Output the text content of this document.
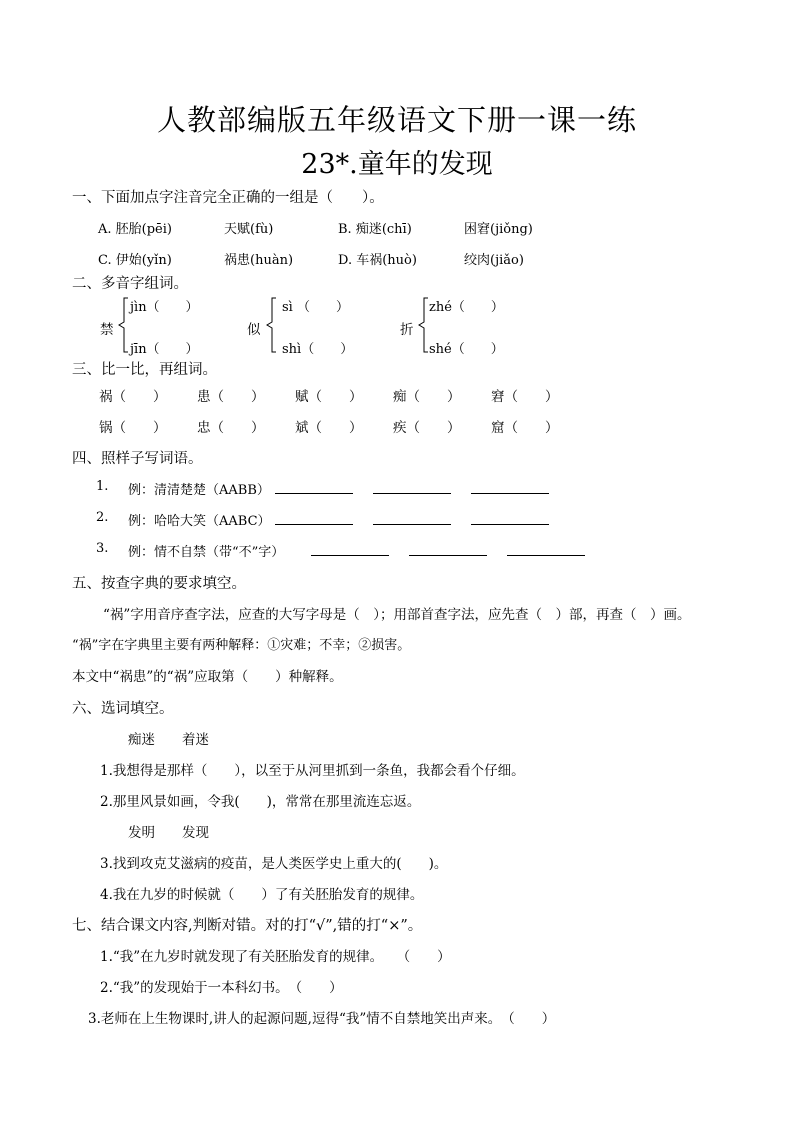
人教部编版五年级语文下册一课一练
23*.童年的发现
一、下面加点字注音完全正确的一组是（　　）。
A. 胚胎(pēi)	天赋(fù)	B. 痴迷(chī)	困窘(jiǒng)
C. 伊始(yǐn)	祸患(huàn)	D. 车祸(huò)	绞肉(jiǎo)
二、多音字组词。
禁
jìn（　　）
jīn（　　）
似
sì （　　）
shì（　　）
折
zhé（　　）
shé（　　）
三、比一比，再组词。
祸（　　） 患（　　） 赋（　　） 痴（　　） 窘（　　）
锅（　　） 忠（　　） 斌（　　） 疾（　　） 窟（　　）
四、照样子写词语。
1. 例：清清楚楚（AABB）
2. 例：哈哈大笑（AABC）
3. 例：情不自禁（带“不”字）
五、按查字典的要求填空。
“祸”字用音序查字法，应查的大写字母是（　）；用部首查字法，应先查（　）部，再查（　）画。
“祸”字在字典里主要有两种解释：①灾难；不幸；②损害。
本文中“祸患”的“祸”应取第（　　）种解释。
六、选词填空。
痴迷　　着迷
1.我想得是那样（　　），以至于从河里抓到一条鱼，我都会看个仔细。
2.那里风景如画，令我(　　)，常常在那里流连忘返。
发明　　发现
3.找到攻克艾滋病的疫苗，是人类医学史上重大的(　　)。
4.我在九岁的时候就（　　）了有关胚胎发育的规律。
七、结合课文内容,判断对错。对的打“√”,错的打“×”。
1.“我”在九岁时就发现了有关胚胎发育的规律。　　（　　）
2.“我”的发现始于一本科幻书。　（　　）
3.老师在上生物课时,讲人的起源问题,逗得“我”情不自禁地笑出声来。　（　　）
